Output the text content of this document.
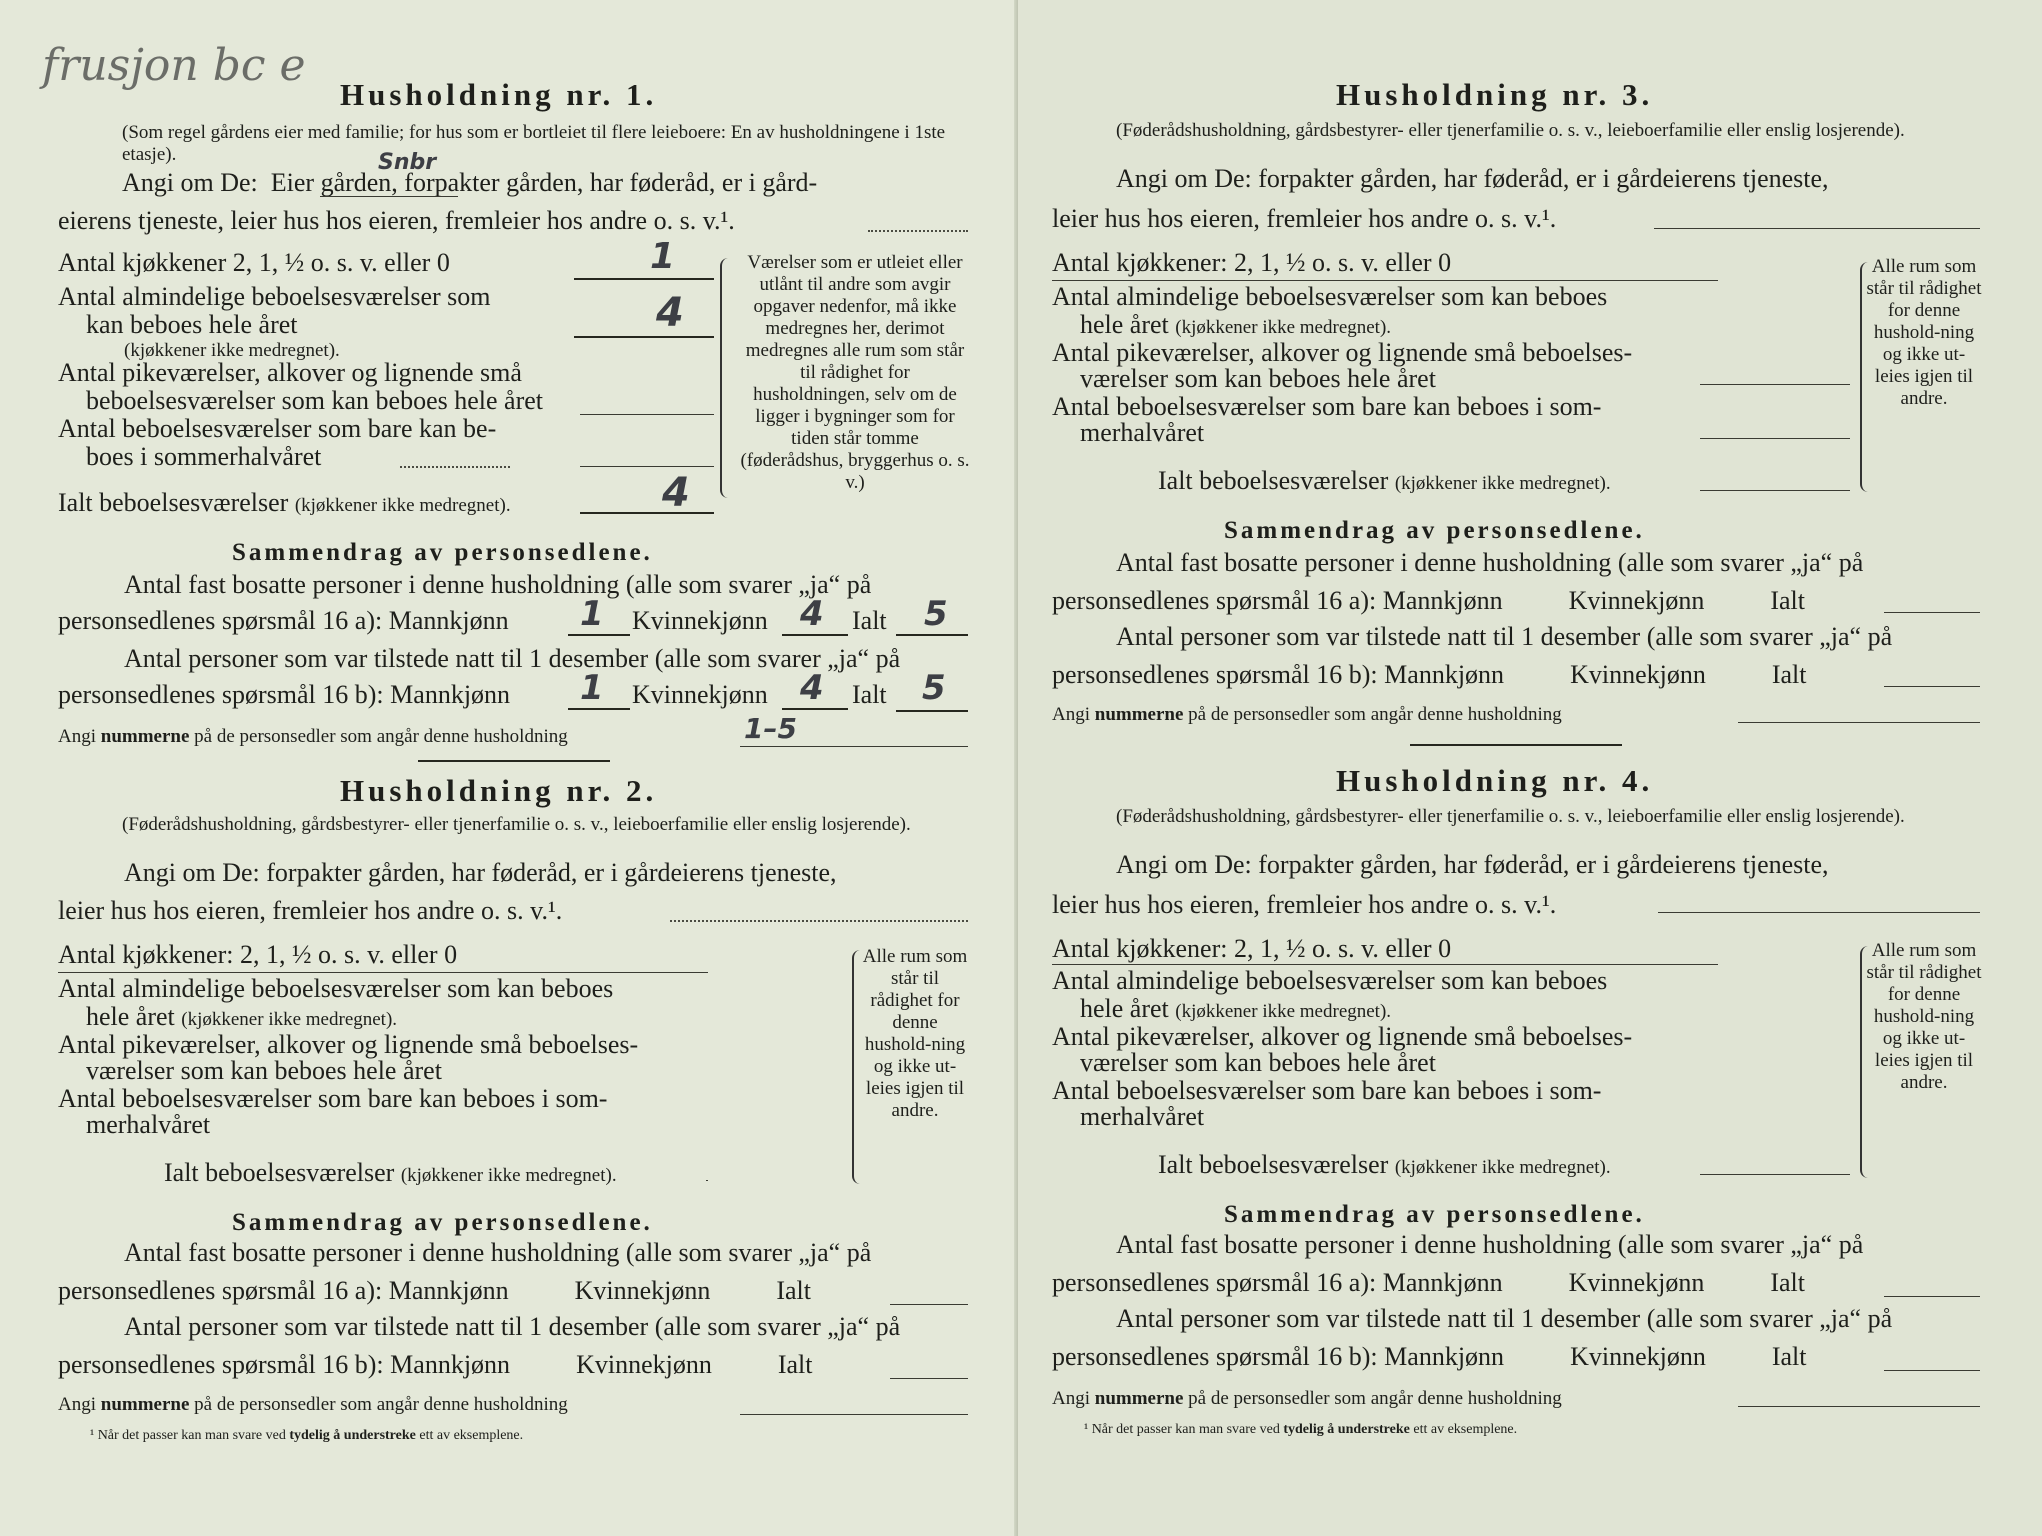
frusjon bc e
Husholdning nr. 1.
(Som regel gårdens eier med familie; for hus som er bortleiet til flere leieboere: En av husholdningene i 1ste etasje).
Angi om De: Eier gården, forpakter gården, har føderåd, er i gård-
Snbr
eierens tjeneste, leier hus hos eieren, fremleier hos andre o. s. v.¹.
Antal kjøkkener 2, 1, ½ o. s. v. eller 0	1
Antal almindelige beboelsesværelser som
kan beboes hele året
(kjøkkener ikke medregnet).
4
Antal pikeværelser, alkover og lignende små
beboelsesværelser som kan beboes hele året
Antal beboelsesværelser som bare kan be-
boes i sommerhalvåret
Ialt beboelsesværelser (kjøkkener ikke medregnet).	4
Værelser som er utleiet eller utlånt til andre som avgir opgaver nedenfor, må ikke medregnes her, derimot medregnes alle rum som står til rådighet for husholdningen, selv om de ligger i bygninger som for tiden står tomme (føderådshus, bryggerhus o. s. v.)
Sammendrag av personsedlene.
Antal fast bosatte personer i denne husholdning (alle som svarer „ja“ på
personsedlenes spørsmål 16 a): Mannkjønn 1 Kvinnekjønn 4 Ialt 5
Antal personer som var tilstede natt til 1 desember (alle som svarer „ja“ på
personsedlenes spørsmål 16 b): Mannkjønn 1 Kvinnekjønn 4 Ialt 5
Angi nummerne på de personsedler som angår denne husholdning	1–5
Husholdning nr. 2.
(Føderådshusholdning, gårdsbestyrer- eller tjenerfamilie o. s. v., leieboerfamilie eller enslig losjerende).
Angi om De: forpakter gården, har føderåd, er i gårdeierens tjeneste,
leier hus hos eieren, fremleier hos andre o. s. v.¹.
Antal kjøkkener: 2, 1, ½ o. s. v. eller 0
Antal almindelige beboelsesværelser som kan beboes
hele året (kjøkkener ikke medregnet).
Antal pikeværelser, alkover og lignende små beboelses-
værelser som kan beboes hele året
Antal beboelsesværelser som bare kan beboes i som-
merhalvåret
Ialt beboelsesværelser (kjøkkener ikke medregnet).
Alle rum som står til rådighet for denne hushold-ning og ikke ut-leies igjen til andre.
Sammendrag av personsedlene.
Antal fast bosatte personer i denne husholdning (alle som svarer „ja“ på
personsedlenes spørsmål 16 a): Mannkjønn	Kvinnekjønn	Ialt
Antal personer som var tilstede natt til 1 desember (alle som svarer „ja“ på
personsedlenes spørsmål 16 b): Mannkjønn	Kvinnekjønn	Ialt
Angi nummerne på de personsedler som angår denne husholdning
¹ Når det passer kan man svare ved tydelig å understreke ett av eksemplene.
Husholdning nr. 3.
(Føderådshusholdning, gårdsbestyrer- eller tjenerfamilie o. s. v., leieboerfamilie eller enslig losjerende).
Angi om De: forpakter gården, har føderåd, er i gårdeierens tjeneste,
leier hus hos eieren, fremleier hos andre o. s. v.¹.
Antal kjøkkener: 2, 1, ½ o. s. v. eller 0
Antal almindelige beboelsesværelser som kan beboes
hele året (kjøkkener ikke medregnet).
Antal pikeværelser, alkover og lignende små beboelses-
værelser som kan beboes hele året
Antal beboelsesværelser som bare kan beboes i som-
merhalvåret
Ialt beboelsesværelser (kjøkkener ikke medregnet).
Alle rum som står til rådighet for denne hushold-ning og ikke ut-leies igjen til andre.
Sammendrag av personsedlene.
Antal fast bosatte personer i denne husholdning (alle som svarer „ja“ på
personsedlenes spørsmål 16 a): Mannkjønn	Kvinnekjønn	Ialt
Antal personer som var tilstede natt til 1 desember (alle som svarer „ja“ på
personsedlenes spørsmål 16 b): Mannkjønn	Kvinnekjønn	Ialt
Angi nummerne på de personsedler som angår denne husholdning
Husholdning nr. 4.
(Føderådshusholdning, gårdsbestyrer- eller tjenerfamilie o. s. v., leieboerfamilie eller enslig losjerende).
Angi om De: forpakter gården, har føderåd, er i gårdeierens tjeneste,
leier hus hos eieren, fremleier hos andre o. s. v.¹.
Antal kjøkkener: 2, 1, ½ o. s. v. eller 0
Antal almindelige beboelsesværelser som kan beboes
hele året (kjøkkener ikke medregnet).
Antal pikeværelser, alkover og lignende små beboelses-
værelser som kan beboes hele året
Antal beboelsesværelser som bare kan beboes i som-
merhalvåret
Ialt beboelsesværelser (kjøkkener ikke medregnet).
Alle rum som står til rådighet for denne hushold-ning og ikke ut-leies igjen til andre.
Sammendrag av personsedlene.
Antal fast bosatte personer i denne husholdning (alle som svarer „ja“ på
personsedlenes spørsmål 16 a): Mannkjønn	Kvinnekjønn	Ialt
Antal personer som var tilstede natt til 1 desember (alle som svarer „ja“ på
personsedlenes spørsmål 16 b): Mannkjønn	Kvinnekjønn	Ialt
Angi nummerne på de personsedler som angår denne husholdning
¹ Når det passer kan man svare ved tydelig å understreke ett av eksemplene.
